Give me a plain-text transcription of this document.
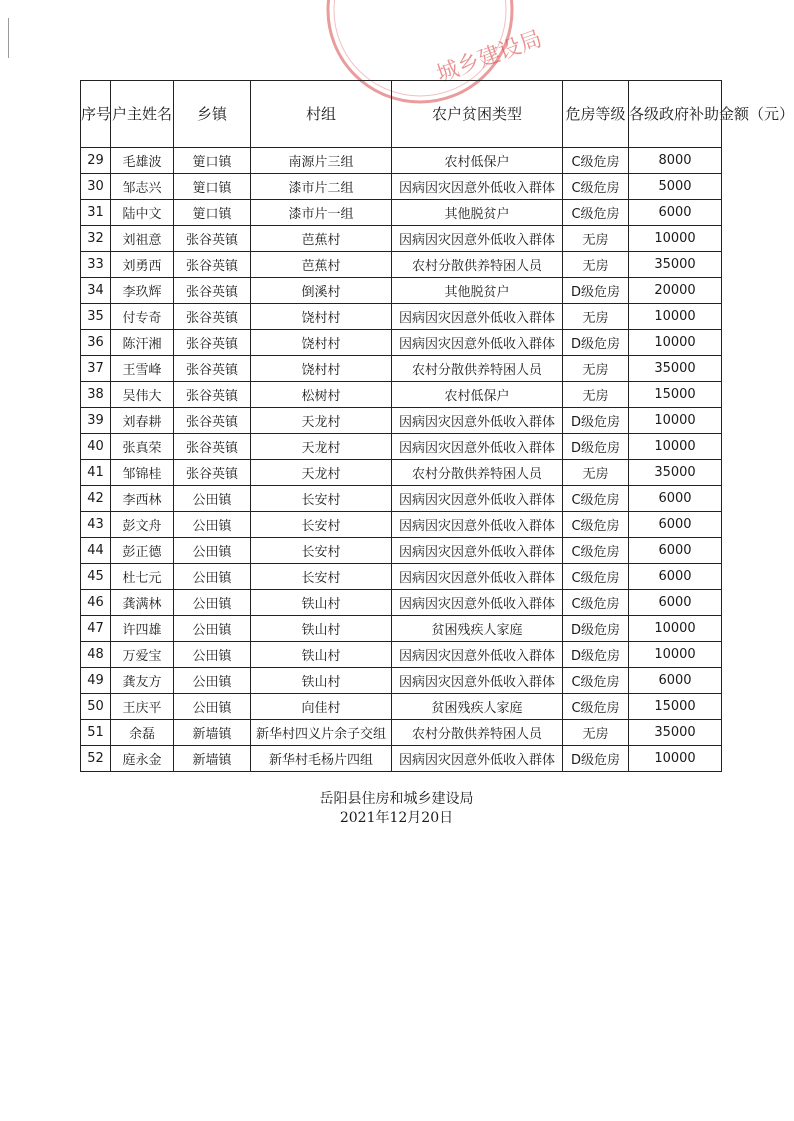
城乡建设局
序号	户主姓名	乡镇	村组	农户贫困类型	危房等级	各级政府补助金额（元）
29	毛雄波	筻口镇	南源片三组	农村低保户	C级危房	8000
30	邹志兴	筻口镇	漆市片二组	因病因灾因意外低收入群体	C级危房	5000
31	陆中文	筻口镇	漆市片一组	其他脱贫户	C级危房	6000
32	刘祖意	张谷英镇	芭蕉村	因病因灾因意外低收入群体	无房	10000
33	刘勇西	张谷英镇	芭蕉村	农村分散供养特困人员	无房	35000
34	李玖辉	张谷英镇	倒溪村	其他脱贫户	D级危房	20000
35	付专奇	张谷英镇	饶村村	因病因灾因意外低收入群体	无房	10000
36	陈汗湘	张谷英镇	饶村村	因病因灾因意外低收入群体	D级危房	10000
37	王雪峰	张谷英镇	饶村村	农村分散供养特困人员	无房	35000
38	吴伟大	张谷英镇	松树村	农村低保户	无房	15000
39	刘春耕	张谷英镇	天龙村	因病因灾因意外低收入群体	D级危房	10000
40	张真荣	张谷英镇	天龙村	因病因灾因意外低收入群体	D级危房	10000
41	邹锦桂	张谷英镇	天龙村	农村分散供养特困人员	无房	35000
42	李西林	公田镇	长安村	因病因灾因意外低收入群体	C级危房	6000
43	彭文舟	公田镇	长安村	因病因灾因意外低收入群体	C级危房	6000
44	彭正德	公田镇	长安村	因病因灾因意外低收入群体	C级危房	6000
45	杜七元	公田镇	长安村	因病因灾因意外低收入群体	C级危房	6000
46	龚满林	公田镇	铁山村	因病因灾因意外低收入群体	C级危房	6000
47	许四雄	公田镇	铁山村	贫困残疾人家庭	D级危房	10000
48	万爱宝	公田镇	铁山村	因病因灾因意外低收入群体	D级危房	10000
49	龚友方	公田镇	铁山村	因病因灾因意外低收入群体	C级危房	6000
50	王庆平	公田镇	向佳村	贫困残疾人家庭	C级危房	15000
51	余磊	新墙镇	新华村四义片余子交组	农村分散供养特困人员	无房	35000
52	庭永金	新墙镇	新华村毛杨片四组	因病因灾因意外低收入群体	D级危房	10000
岳阳县住房和城乡建设局
2021年12月20日
